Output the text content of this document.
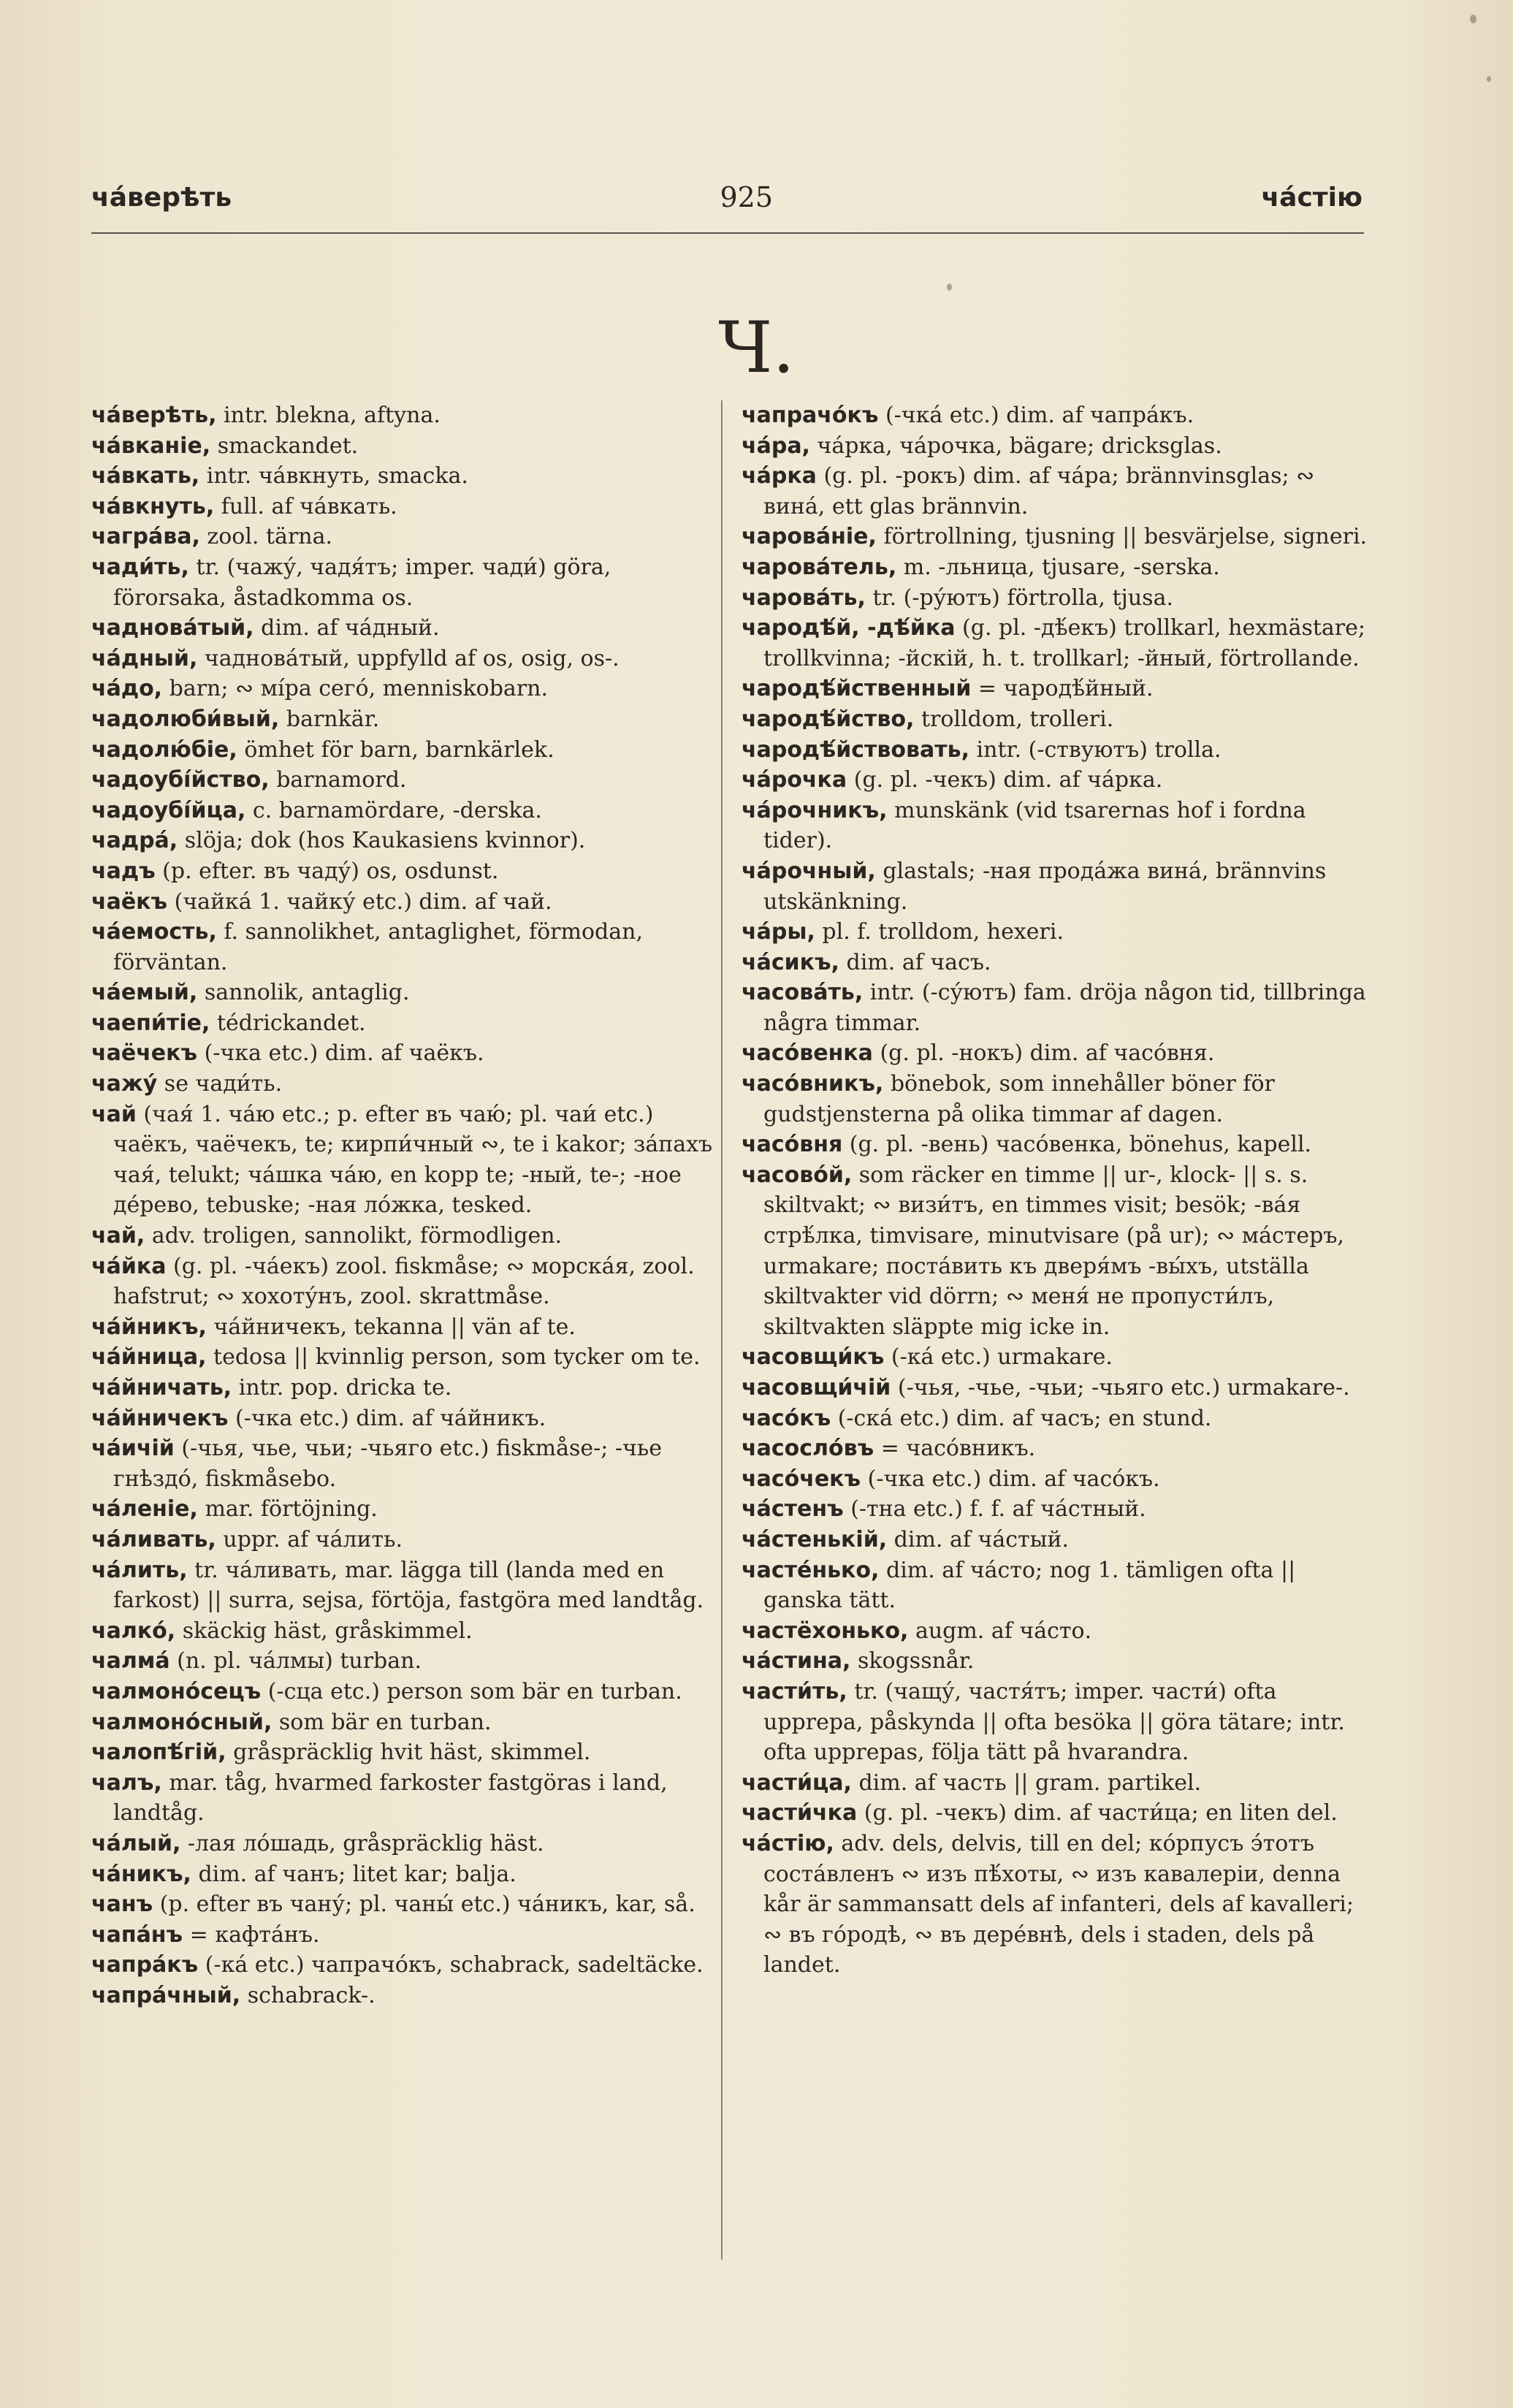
ча́верѣть	925	ча́стію
Ч.

ча́верѣть, intr. blekna, aftyna.

ча́вканіе, smackandet.

ча́вкать, intr. ча́вкнуть, smacka.

ча́вкнуть, full. af ча́вкать.

чагра́ва, zool. tärna.

чади́ть, tr. (чажу́, чадя́тъ; imper. чади́) göra, förorsaka, åstadkomma os.

чаднова́тый, dim. af ча́дный.

ча́дный, чаднова́тый, uppfylld af os, osig, os-.

ча́до, barn; ∾ мíра сего́, menniskobarn.

чадолюби́вый, barnkär.

чадолю́біе, ömhet för barn, barnkärlek.

чадоубі́йство, barnamord.

чадоубі́йца, c. barnamördare, -derska.

чадра́, slöja; dok (hos Kaukasiens kvinnor).

чадъ (p. efter. въ чаду́) os, osdunst.

чаёкъ (чайка́ 1. чайку́ etc.) dim. af чай.

ча́емость, f. sannolikhet, antaglighet, förmodan, förväntan.

ча́емый, sannolik, antaglig.

чаепи́тіе, tédrickandet.

чаёчекъ (-чка etc.) dim. af чаёкъ.

чажу́ se чади́ть.

чай (чая́ 1. ча́ю etc.; p. efter въ чаю́; pl. чаи́ etc.) чаёкъ, чаёчекъ, te; кирпи́чный ∾, te i kakor; за́пахъ чая́, telukt; ча́шка ча́ю, en kopp te; -ный, te-; -ное де́рево, tebuske; -ная ло́жка, tesked.

чай, adv. troligen, sannolikt, förmodligen.

ча́йка (g. pl. -ча́екъ) zool. fiskmåse; ∾ морска́я, zool. hafstrut; ∾ хохоту́нъ, zool. skrattmåse.

ча́йникъ, ча́йничекъ, tekanna || vän af te.

ча́йница, tedosa || kvinnlig person, som tycker om te.

ча́йничать, intr. pop. dricka te.

ча́йничекъ (-чка etc.) dim. af ча́йникъ.

ча́ичій (-чья, чье, чьи; -чьяго etc.) fiskmåse-; -чье гнѣздо́, fiskmåsebo.

ча́леніе, mar. förtöjning.

ча́ливать, uppr. af ча́лить.

ча́лить, tr. ча́ливать, mar. lägga till (landa med en farkost) || surra, sejsa, förtöja, fastgöra med landtåg.

чалко́, skäckig häst, gråskimmel.

чалма́ (n. pl. ча́лмы) turban.

чалмоно́сецъ (-сца etc.) person som bär en turban.

чалмоно́сный, som bär en turban.

чалопѣ́гій, gråspräcklig hvit häst, skimmel.

чалъ, mar. tåg, hvarmed farkoster fastgöras i land, landtåg.

ча́лый, -лая ло́шадь, gråspräcklig häst.

ча́никъ, dim. af чанъ; litet kar; balja.

чанъ (p. efter въ чану́; pl. чаны́ etc.) ча́никъ, kar, så.

чапа́нъ = кафта́нъ.

чапра́къ (-ка́ etc.) чапрачо́къ, schabrack, sadeltäcke.

чапра́чный, schabrack-.

чапрачо́къ (-чка́ etc.) dim. af чапра́къ.

ча́ра, ча́рка, ча́рочка, bägare; dricksglas.

ча́рка (g. pl. -рокъ) dim. af ча́ра; brännvinsglas; ∾ вина́, ett glas brännvin.

чарова́ніе, förtrollning, tjusning || besvärjelse, signeri.

чарова́тель, m. -льница, tjusare, -serska.

чарова́ть, tr. (-ру́ютъ) förtrolla, tjusa.

чародѣ́й, -дѣ́йка (g. pl. -дѣ́екъ) trollkarl, hexmästare; trollkvinna; -йскій, h. t. trollkarl; -йный, förtrollande.

чародѣ́йственный = чародѣ́йный.

чародѣ́йство, trolldom, trolleri.

чародѣ́йствовать, intr. (-ствуютъ) trolla.

ча́рочка (g. pl. -чекъ) dim. af ча́рка.

ча́рочникъ, munskänk (vid tsarernas hof i fordna tider).

ча́рочный, glastals; -ная прода́жа вина́, brännvins utskänkning.

ча́ры, pl. f. trolldom, hexeri.

ча́сикъ, dim. af часъ.

часова́ть, intr. (-су́ютъ) fam. dröja någon tid, tillbringa några timmar.

часо́венка (g. pl. -нокъ) dim. af часо́вня.

часо́вникъ, bönebok, som innehåller böner för gudstjensterna på olika timmar af dagen.

часо́вня (g. pl. -вень) часо́венка, bönehus, kapell.

часово́й, som räcker en timme || ur-, klock- || s. s. skiltvakt; ∾ визи́тъ, en timmes visit; besök; -ва́я стрѣ́лка, timvisare, minutvisare (på ur); ∾ ма́стеръ, urmakare; поста́вить къ дверя́мъ -вы́хъ, utställa skiltvakter vid dörrn; ∾ меня́ не пропусти́лъ, skiltvakten släppte mig icke in.

часовщи́къ (-ка́ etc.) urmakare.

часовщи́чій (-чья, -чье, -чьи; -чьяго etc.) urmakare-.

часо́къ (-ска́ etc.) dim. af часъ; en stund.

часосло́въ = часо́вникъ.

часо́чекъ (-чка etc.) dim. af часо́къ.

ча́стенъ (-тна etc.) f. f. af ча́стный.

ча́стенькій, dim. af ча́стый.

часте́нько, dim. af ча́сто; nog 1. tämligen ofta || ganska tätt.

частёхонько, augm. af ча́сто.

ча́стина, skogssnår.

части́ть, tr. (чащу́, частя́тъ; imper. части́) ofta upprepa, påskynda || ofta besöka || göra tätare; intr. ofta upprepas, följa tätt på hvarandra.

части́ца, dim. af часть || gram. partikel.

части́чка (g. pl. -чекъ) dim. af части́ца; en liten del.

ча́стію, adv. dels, delvis, till en del; ко́рпусъ э́тотъ соста́вленъ ∾ изъ пѣ́хоты, ∾ изъ кавалеріи, denna kår är sammansatt dels af infanteri, dels af kavalleri; ∾ въ го́родѣ, ∾ въ дере́внѣ, dels i staden, dels på landet.
